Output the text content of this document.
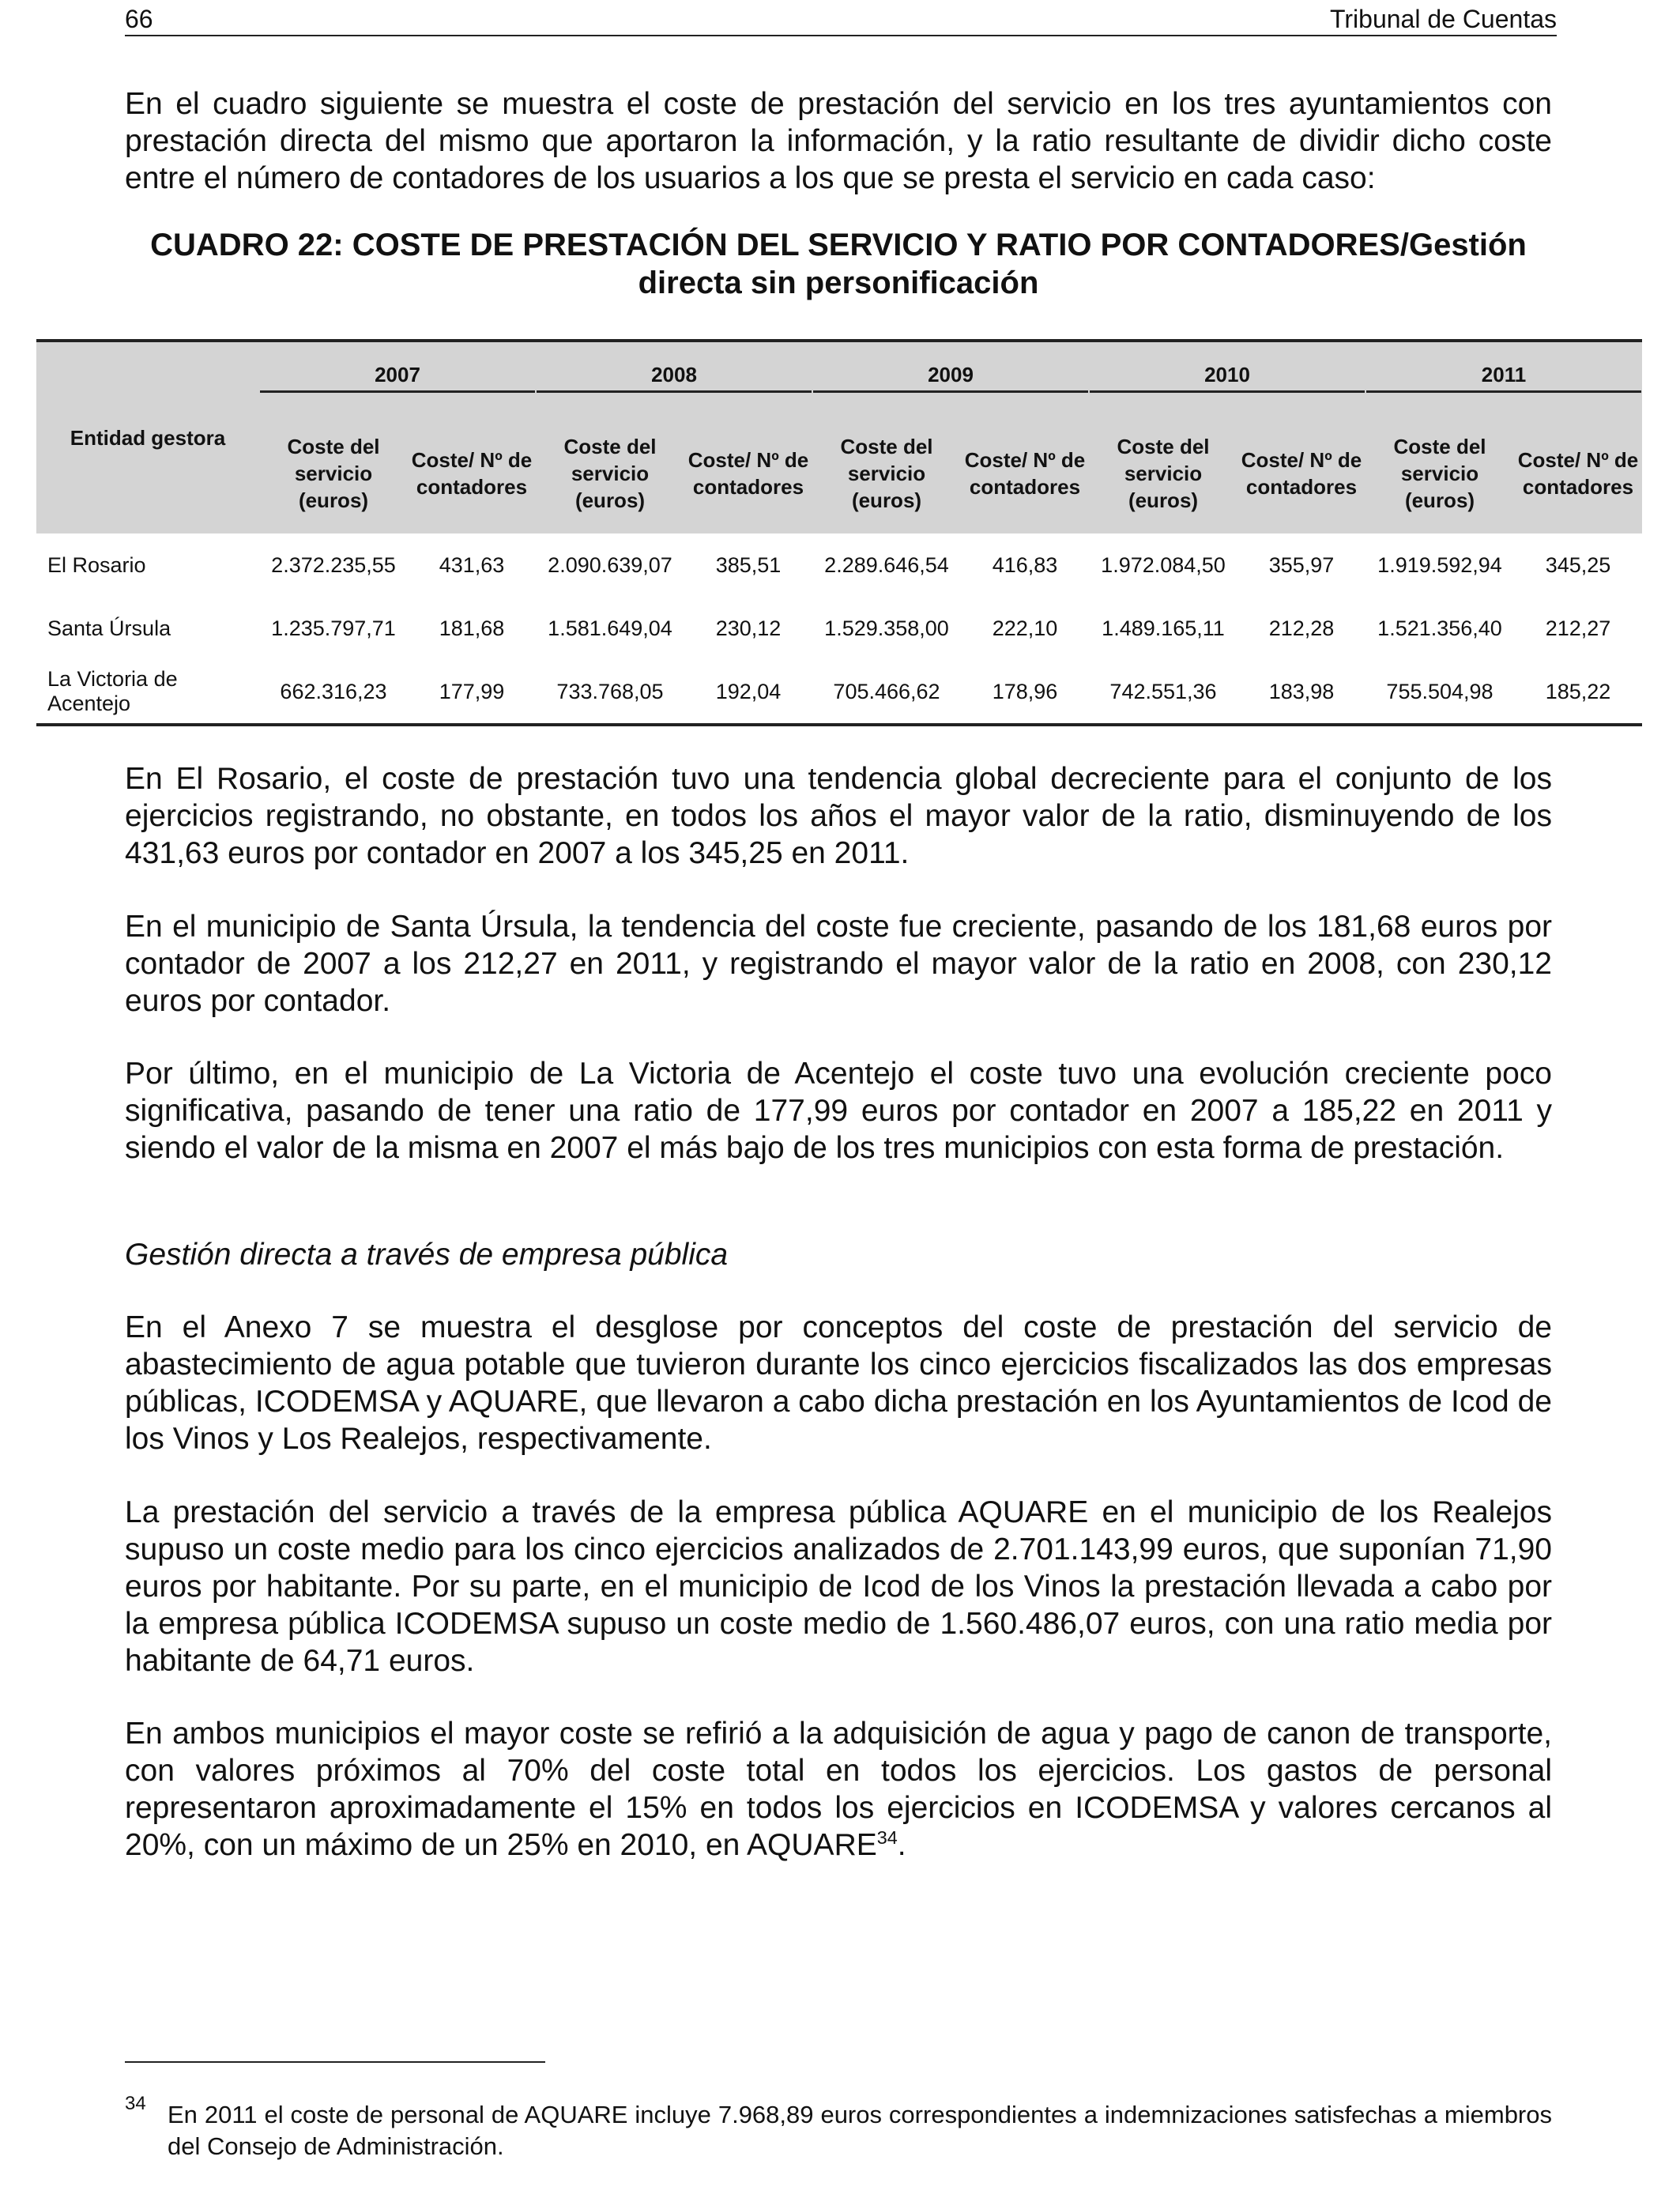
66	Tribunal de Cuentas

En el cuadro siguiente se muestra el coste de prestación del servicio en los tres ayuntamientos con prestación directa del mismo que aportaron la información, y la ratio resultante de dividir dicho coste entre el número de contadores de los usuarios a los que se presta el servicio en cada caso:

CUADRO 22: COSTE DE PRESTACIÓN DEL SERVICIO Y RATIO POR CONTADORES/Gestión directa sin personificación

Entidad gestora	2007		2008		2009		2010		2011	
	Coste del servicio (euros)	Coste/ Nº de contadores	Coste del servicio (euros)	Coste/ Nº de contadores	Coste del servicio (euros)	Coste/ Nº de contadores	Coste del servicio (euros)	Coste/ Nº de contadores	Coste del servicio (euros)	Coste/ Nº de contadores
El Rosario	2.372.235,55	431,63	2.090.639,07	385,51	2.289.646,54	416,83	1.972.084,50	355,97	1.919.592,94	345,25
Santa Úrsula	1.235.797,71	181,68	1.581.649,04	230,12	1.529.358,00	222,10	1.489.165,11	212,28	1.521.356,40	212,27
La Victoria de Acentejo	662.316,23	177,99	733.768,05	192,04	705.466,62	178,96	742.551,36	183,98	755.504,98	185,22

En El Rosario, el coste de prestación tuvo una tendencia global decreciente para el conjunto de los ejercicios registrando, no obstante, en todos los años el mayor valor de la ratio, disminuyendo de los 431,63 euros por contador en 2007 a los 345,25 en 2011.

En el municipio de Santa Úrsula, la tendencia del coste fue creciente, pasando de los 181,68 euros por contador de 2007 a los 212,27 en 2011, y registrando el mayor valor de la ratio en 2008, con 230,12 euros por contador.

Por último, en el municipio de La Victoria de Acentejo el coste tuvo una evolución creciente poco significativa, pasando de tener una ratio de 177,99 euros por contador en 2007 a 185,22 en 2011 y siendo el valor de la misma en 2007 el más bajo de los tres municipios con esta forma de prestación.

Gestión directa a través de empresa pública

En el Anexo 7 se muestra el desglose por conceptos del coste de prestación del servicio de abastecimiento de agua potable que tuvieron durante los cinco ejercicios fiscalizados las dos empresas públicas, ICODEMSA y AQUARE, que llevaron a cabo dicha prestación en los Ayuntamientos de Icod de los Vinos y Los Realejos, respectivamente.

La prestación del servicio a través de la empresa pública AQUARE en el municipio de los Realejos supuso un coste medio para los cinco ejercicios analizados de 2.701.143,99 euros, que suponían 71,90 euros por habitante. Por su parte, en el municipio de Icod de los Vinos la prestación llevada a cabo por la empresa pública ICODEMSA supuso un coste medio de 1.560.486,07 euros, con una ratio media por habitante de 64,71 euros.

En ambos municipios el mayor coste se refirió a la adquisición de agua y pago de canon de transporte, con valores próximos al 70% del coste total en todos los ejercicios. Los gastos de personal representaron aproximadamente el 15% en todos los ejercicios en ICODEMSA y valores cercanos al 20%, con un máximo de un 25% en 2010, en AQUARE$^{34}$.

34 En 2011 el coste de personal de AQUARE incluye 7.968,89 euros correspondientes a indemnizaciones satisfechas a miembros del Consejo de Administración.
